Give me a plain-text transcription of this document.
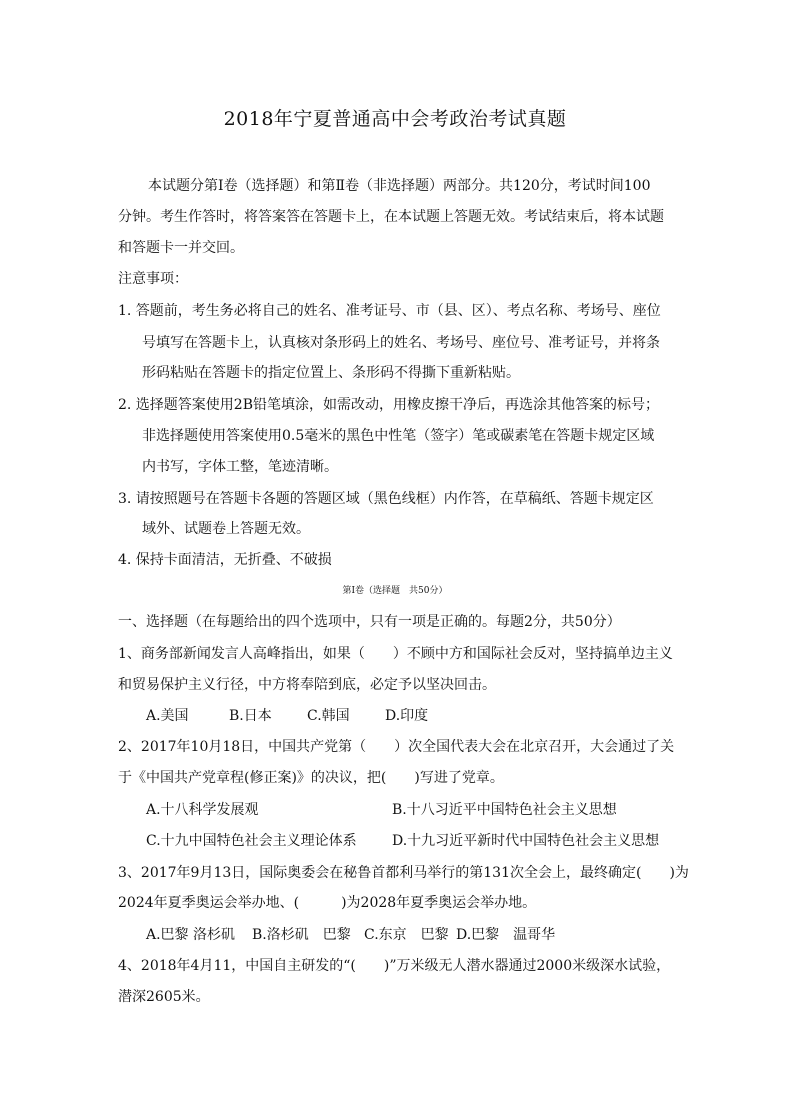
2018年宁夏普通高中会考政治考试真题
本试题分第Ⅰ卷（选择题）和第Ⅱ卷（非选择题）两部分。共120分，考试时间100
分钟。考生作答时，将答案答在答题卡上，在本试题上答题无效。考试结束后，将本试题
和答题卡一并交回。
注意事项：
1. 答题前，考生务必将自己的姓名、准考证号、市（县、区）、考点名称、考场号、座位
号填写在答题卡上，认真核对条形码上的姓名、考场号、座位号、准考证号，并将条
形码粘贴在答题卡的指定位置上、条形码不得撕下重新粘贴。
2. 选择题答案使用2B铅笔填涂，如需改动，用橡皮擦干净后，再选涂其他答案的标号；
非选择题使用答案使用0.5毫米的黑色中性笔（签字）笔或碳素笔在答题卡规定区域
内书写，字体工整，笔迹清晰。
3. 请按照题号在答题卡各题的答题区域（黑色线框）内作答，在草稿纸、答题卡规定区
域外、试题卷上答题无效。
4. 保持卡面清洁，无折叠、不破损
第Ⅰ卷（选择题　共50分）
一、选择题（在每题给出的四个选项中，只有一项是正确的。每题2分，共50分）
1、商务部新闻发言人高峰指出，如果（　　）不顾中方和国际社会反对，坚持搞单边主义
和贸易保护主义行径，中方将奉陪到底，必定予以坚决回击。
A.美国	B.日本	C.韩国	D.印度
2、2017年10月18日，中国共产党第（　　）次全国代表大会在北京召开，大会通过了关
于《中国共产党章程(修正案)》的决议，把(　　)写进了党章。
A.十八科学发展观	B.十八习近平中国特色社会主义思想
C.十九中国特色社会主义理论体系	D.十九习近平新时代中国特色社会主义思想
3、2017年9月13日，国际奥委会在秘鲁首都利马举行的第131次全会上，最终确定(　　)为
2024年夏季奥运会举办地、(　　　)为2028年夏季奥运会举办地。
A.巴黎 洛杉矶 B.洛杉矶　巴黎 C.东京　巴黎 D.巴黎　温哥华
4、2018年4月11，中国自主研发的“(　　)”万米级无人潜水器通过2000米级深水试验，
潜深2605米。
